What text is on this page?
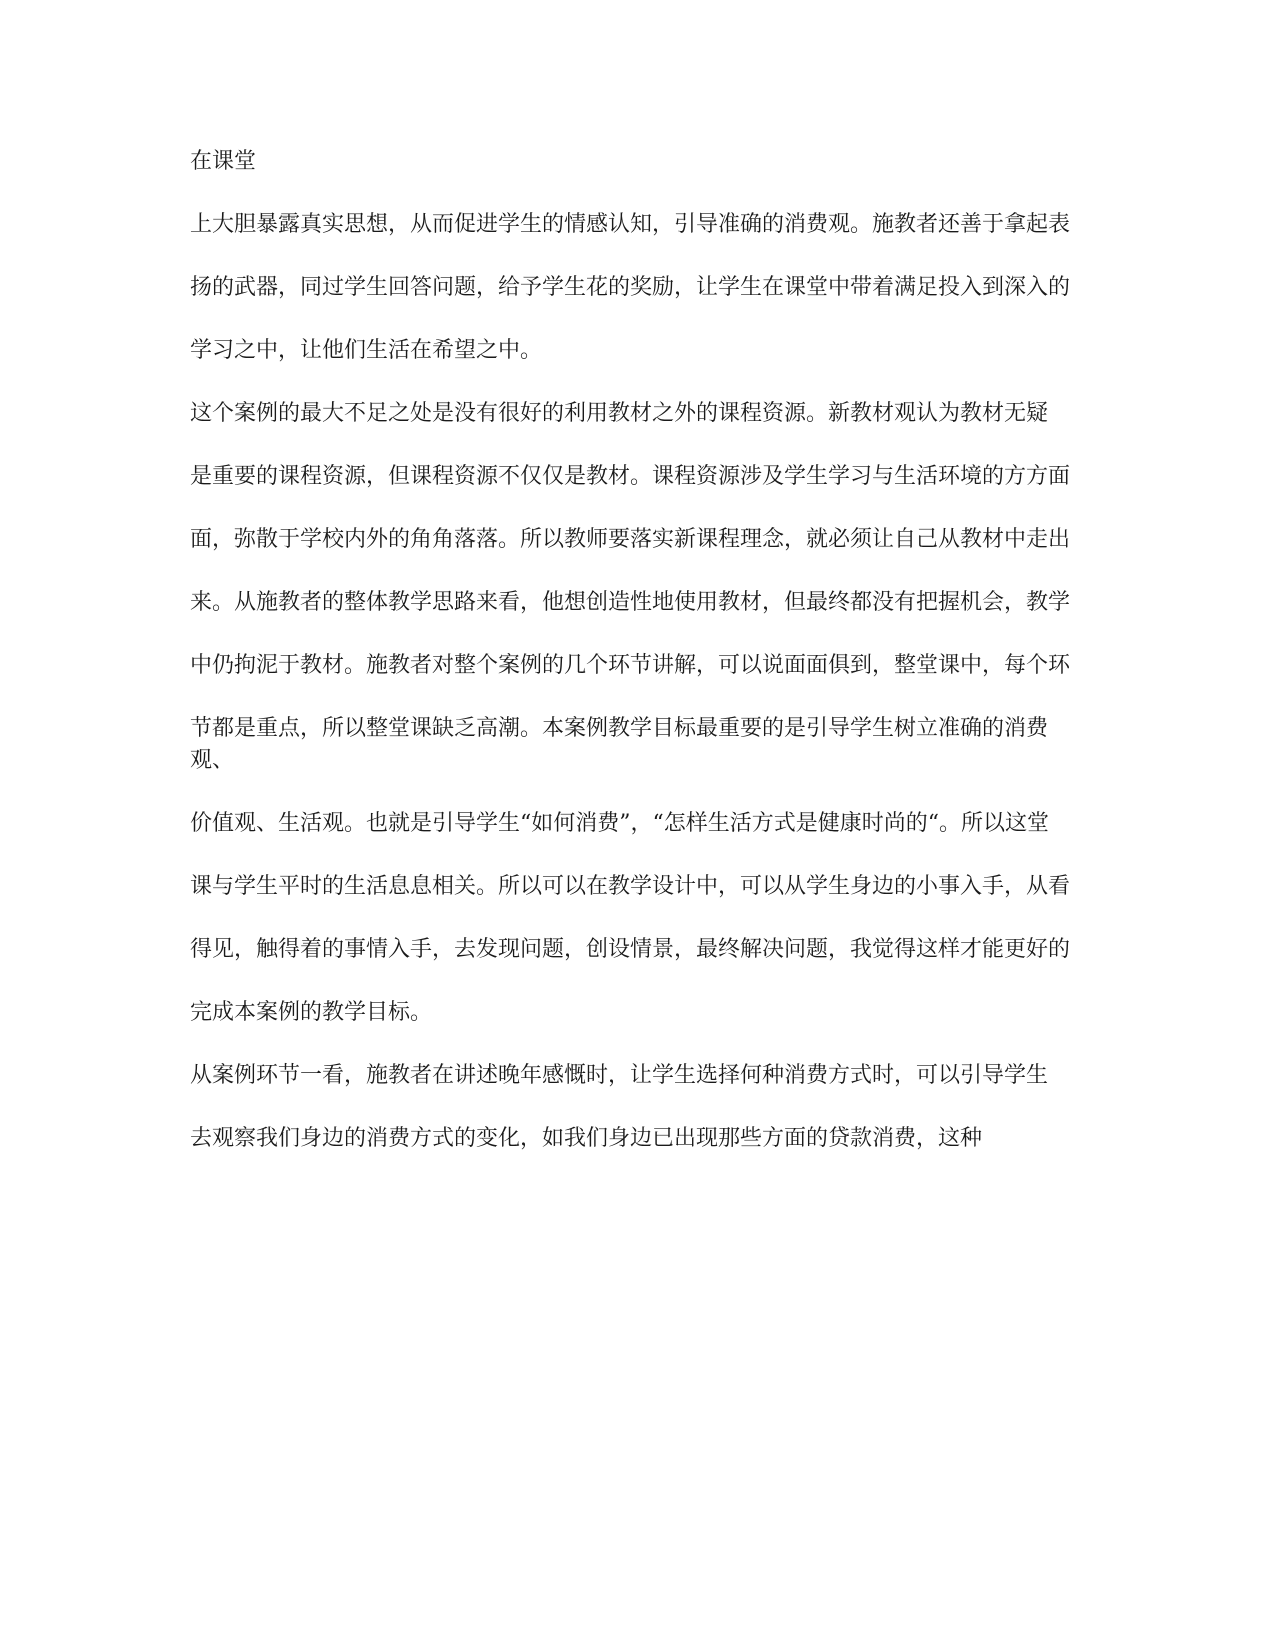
在课堂

上大胆暴露真实思想，从而促进学生的情感认知，引导准确的消费观。施教者还善于拿起表

扬的武器，同过学生回答问题，给予学生花的奖励，让学生在课堂中带着满足投入到深入的

学习之中，让他们生活在希望之中。

这个案例的最大不足之处是没有很好的利用教材之外的课程资源。新教材观认为教材无疑

是重要的课程资源，但课程资源不仅仅是教材。课程资源涉及学生学习与生活环境的方方面

面，弥散于学校内外的角角落落。所以教师要落实新课程理念，就必须让自己从教材中走出

来。从施教者的整体教学思路来看，他想创造性地使用教材，但最终都没有把握机会，教学

中仍拘泥于教材。施教者对整个案例的几个环节讲解，可以说面面俱到，整堂课中，每个环

节都是重点，所以整堂课缺乏高潮。本案例教学目标最重要的是引导学生树立准确的消费观、

价值观、生活观。也就是引导学生“如何消费”，“怎样生活方式是健康时尚的“。所以这堂

课与学生平时的生活息息相关。所以可以在教学设计中，可以从学生身边的小事入手，从看

得见，触得着的事情入手，去发现问题，创设情景，最终解决问题，我觉得这样才能更好的

完成本案例的教学目标。

从案例环节一看，施教者在讲述晚年感慨时，让学生选择何种消费方式时，可以引导学生

去观察我们身边的消费方式的变化，如我们身边已出现那些方面的贷款消费，这种
